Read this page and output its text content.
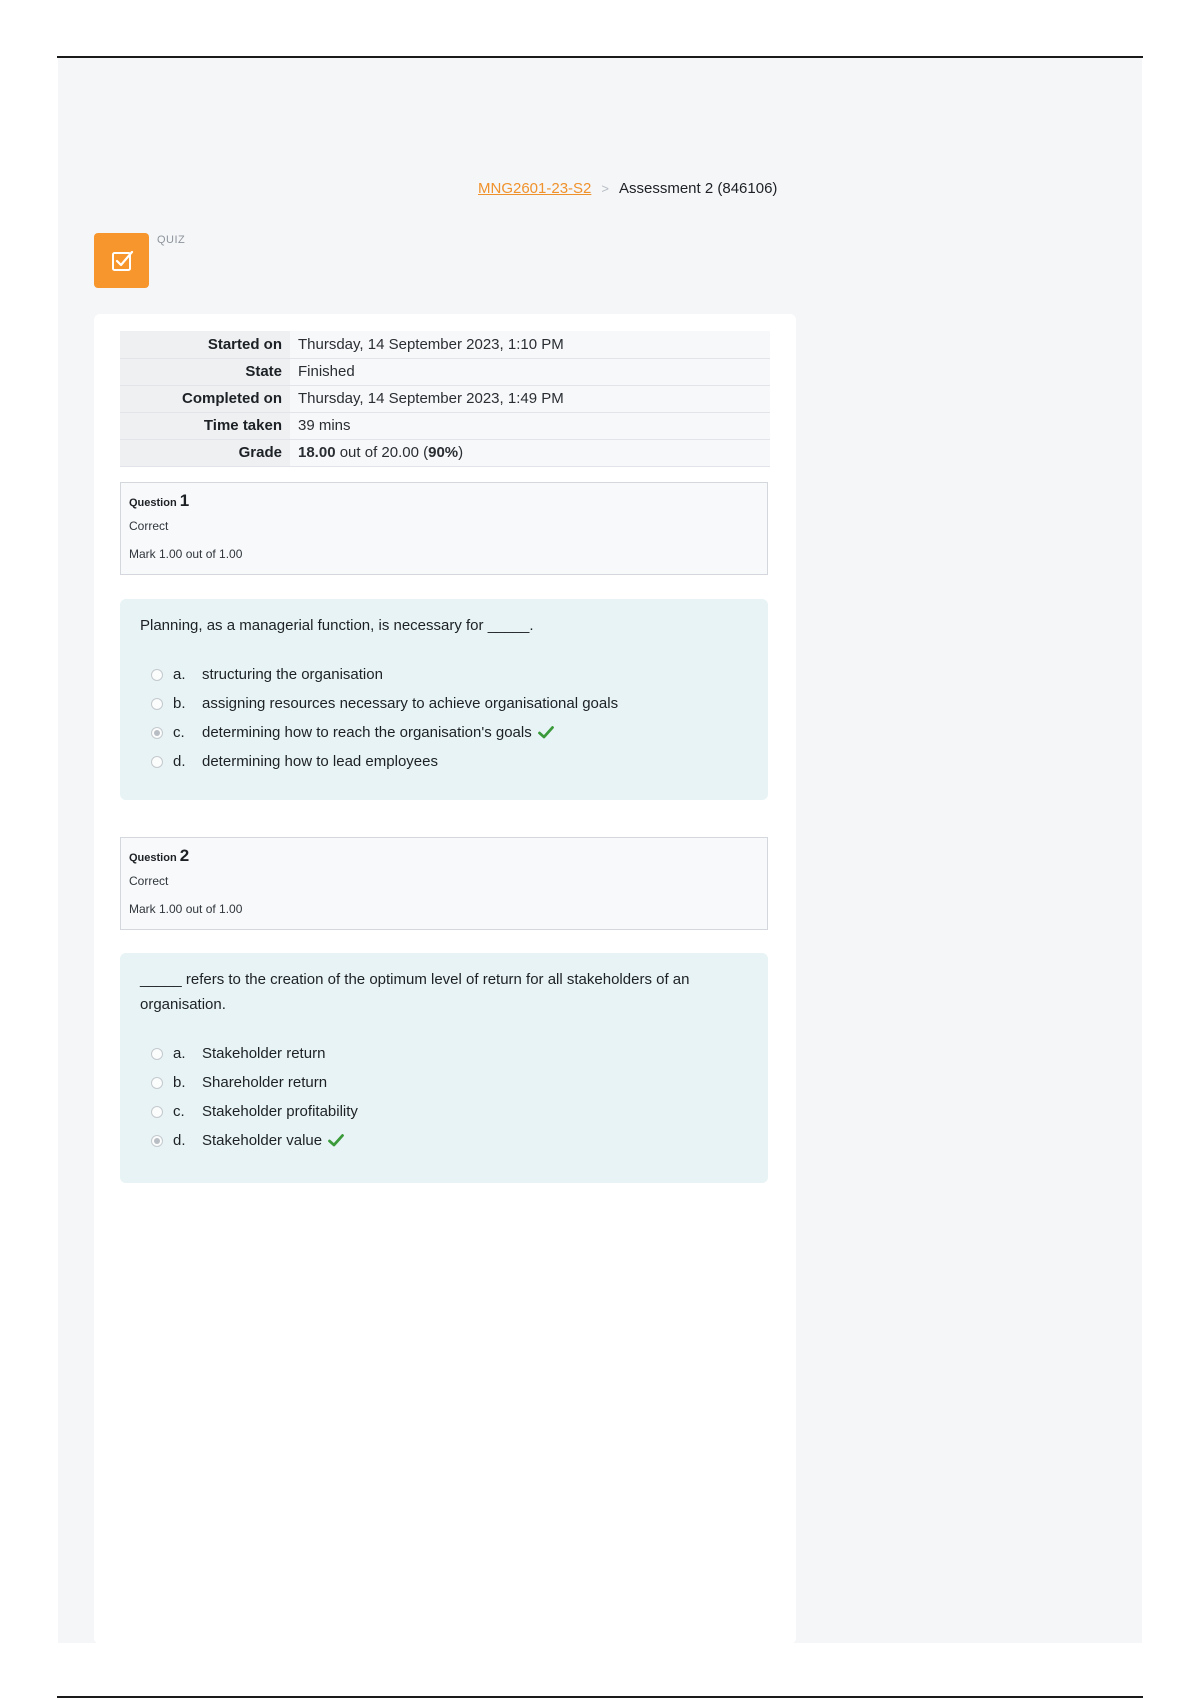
MNG2601-23-S2 > Assessment 2 (846106)
QUIZ
Started on	Thursday, 14 September 2023, 1:10 PM
State	Finished
Completed on	Thursday, 14 September 2023, 1:49 PM
Time taken	39 mins
Grade	18.00 out of 20.00 (90%)
Question 1
Correct
Mark 1.00 out of 1.00
Planning, as a managerial function, is necessary for _____.
a.	structuring the organisation
b.	assigning resources necessary to achieve organisational goals
c.	determining how to reach the organisation's goals
d.	determining how to lead employees
Question 2
Correct
Mark 1.00 out of 1.00
_____ refers to the creation of the optimum level of return for all stakeholders of an organisation.
a.	Stakeholder return
b.	Shareholder return
c.	Stakeholder profitability
d.	Stakeholder value
